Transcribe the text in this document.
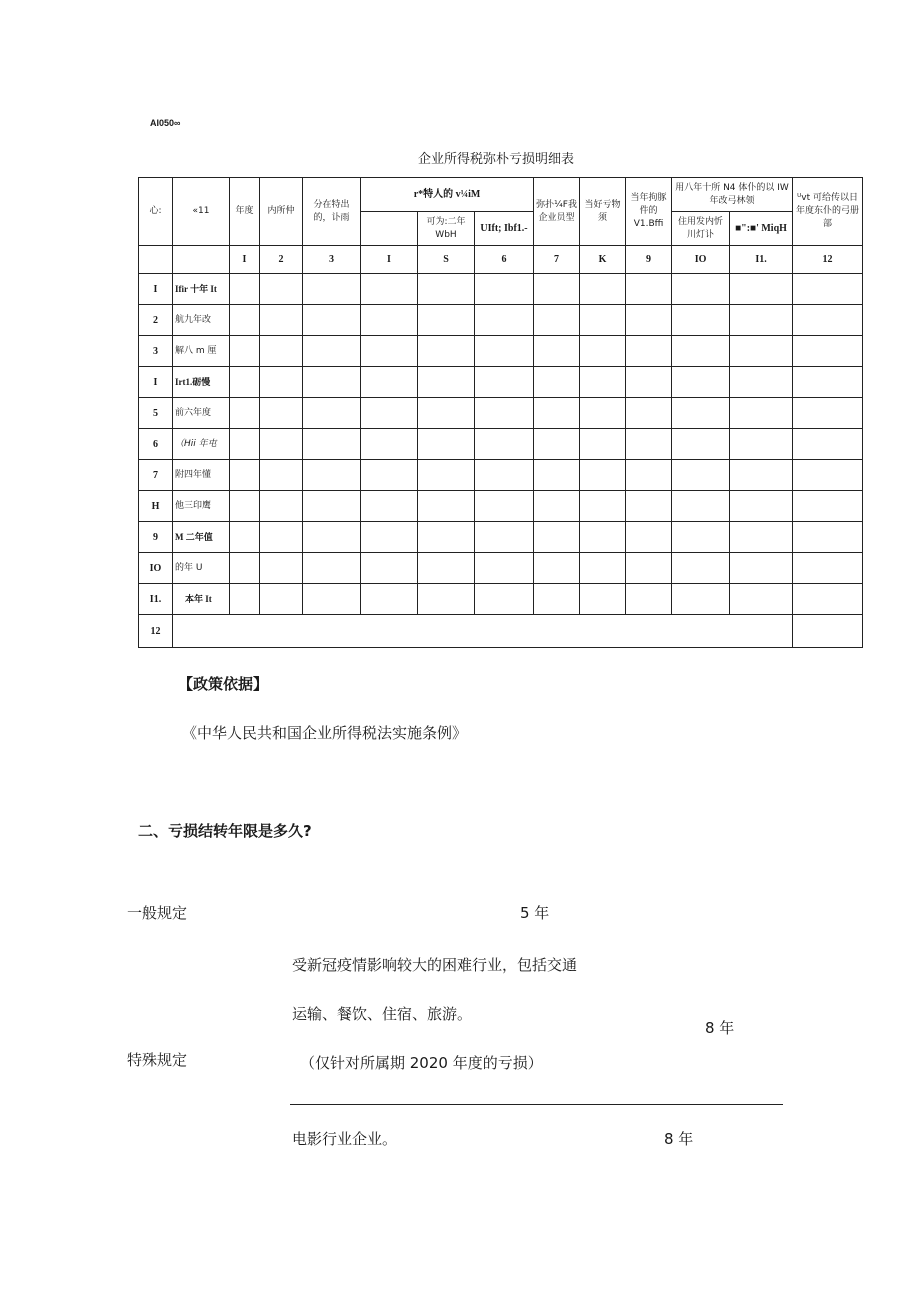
AI050∞
企业所得税弥朴亏损明细表
心:	«11	年度	内所仲	分在特出的，讣雨	r*特人的 v¼iM			弥扑¼F我企业员型	当好亏物须	当年拘豚件的 V1.Bffi	用八年十所 N4 体仆的以 IW 年改弓林领		ᵁvt 可给传以日年度东仆的弓册部
						可为:二年 WbH	UIft; Ibf1.-				住用发内忻川灯讣	■":■' MiqH	
		I	2	3	I	S	6	7	K	9	IO	I1.	12
I	Ifir 十年 It												
2	航九年改												
3	解八 m 厘												
I	Irt1.砺慢												
5	前六年度												
6	（Hii 年屯												
7	附四年懂												
H	他三印鹰												
9	M 二年值												
IO	的年 U												
I1.	本年 It												
12													
【政策依据】
《中华人民共和国企业所得税法实施条例》
二、亏损结转年限是多久?
一般规定	5 年
受新冠疫情影响较大的困难行业，包括交通
运输、餐饮、住宿、旅游。
8 年
特殊规定	（仅针对所属期 2020 年度的亏损）
电影行业企业。	8 年
